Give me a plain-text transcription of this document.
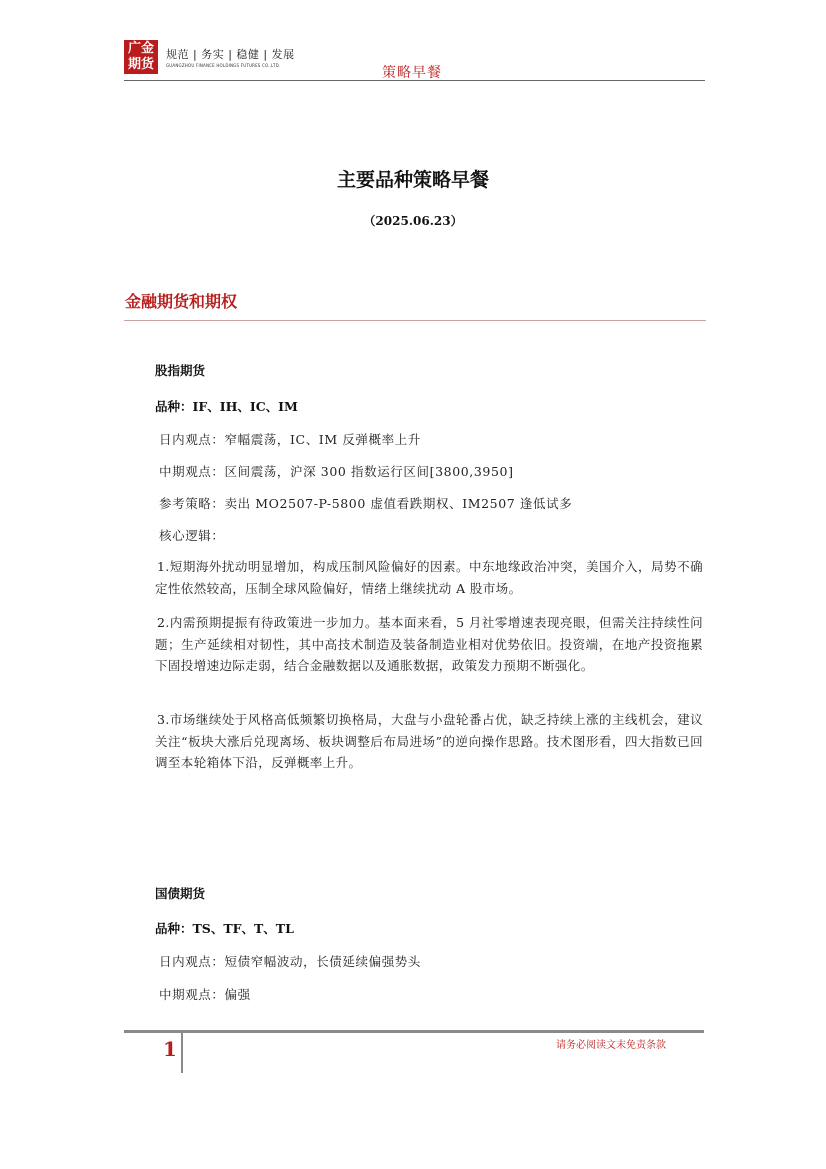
广金
期货
规范 | 务实 | 稳健 | 发展
GUANGZHOU FINANCE HOLDINGS FUTURES CO.,LTD.	策略早餐
主要品种策略早餐
（2025.06.23）
金融期货和期权
股指期货
品种：IF、IH、IC、IM
日内观点：窄幅震荡，IC、IM 反弹概率上升
中期观点：区间震荡，沪深 300 指数运行区间[3800,3950]
参考策略：卖出 MO2507-P-5800 虚值看跌期权、IM2507 逢低试多
核心逻辑：

1.短期海外扰动明显增加，构成压制风险偏好的因素。中东地缘政治冲突，美国介入，局势不确定性依然较高，压制全球风险偏好，情绪上继续扰动 A 股市场。

2.内需预期提振有待政策进一步加力。基本面来看，5 月社零增速表现亮眼，但需关注持续性问题；生产延续相对韧性，其中高技术制造及装备制造业相对优势依旧。投资端，在地产投资拖累下固投增速边际走弱，结合金融数据以及通胀数据，政策发力预期不断强化。

3.市场继续处于风格高低频繁切换格局，大盘与小盘轮番占优，缺乏持续上涨的主线机会，建议关注“板块大涨后兑现离场、板块调整后布局进场”的逆向操作思路。技术图形看，四大指数已回调至本轮箱体下沿，反弹概率上升。

国债期货
品种：TS、TF、T、TL
日内观点：短债窄幅波动，长债延续偏强势头
中期观点：偏强
1	请务必阅读文末免责条款
